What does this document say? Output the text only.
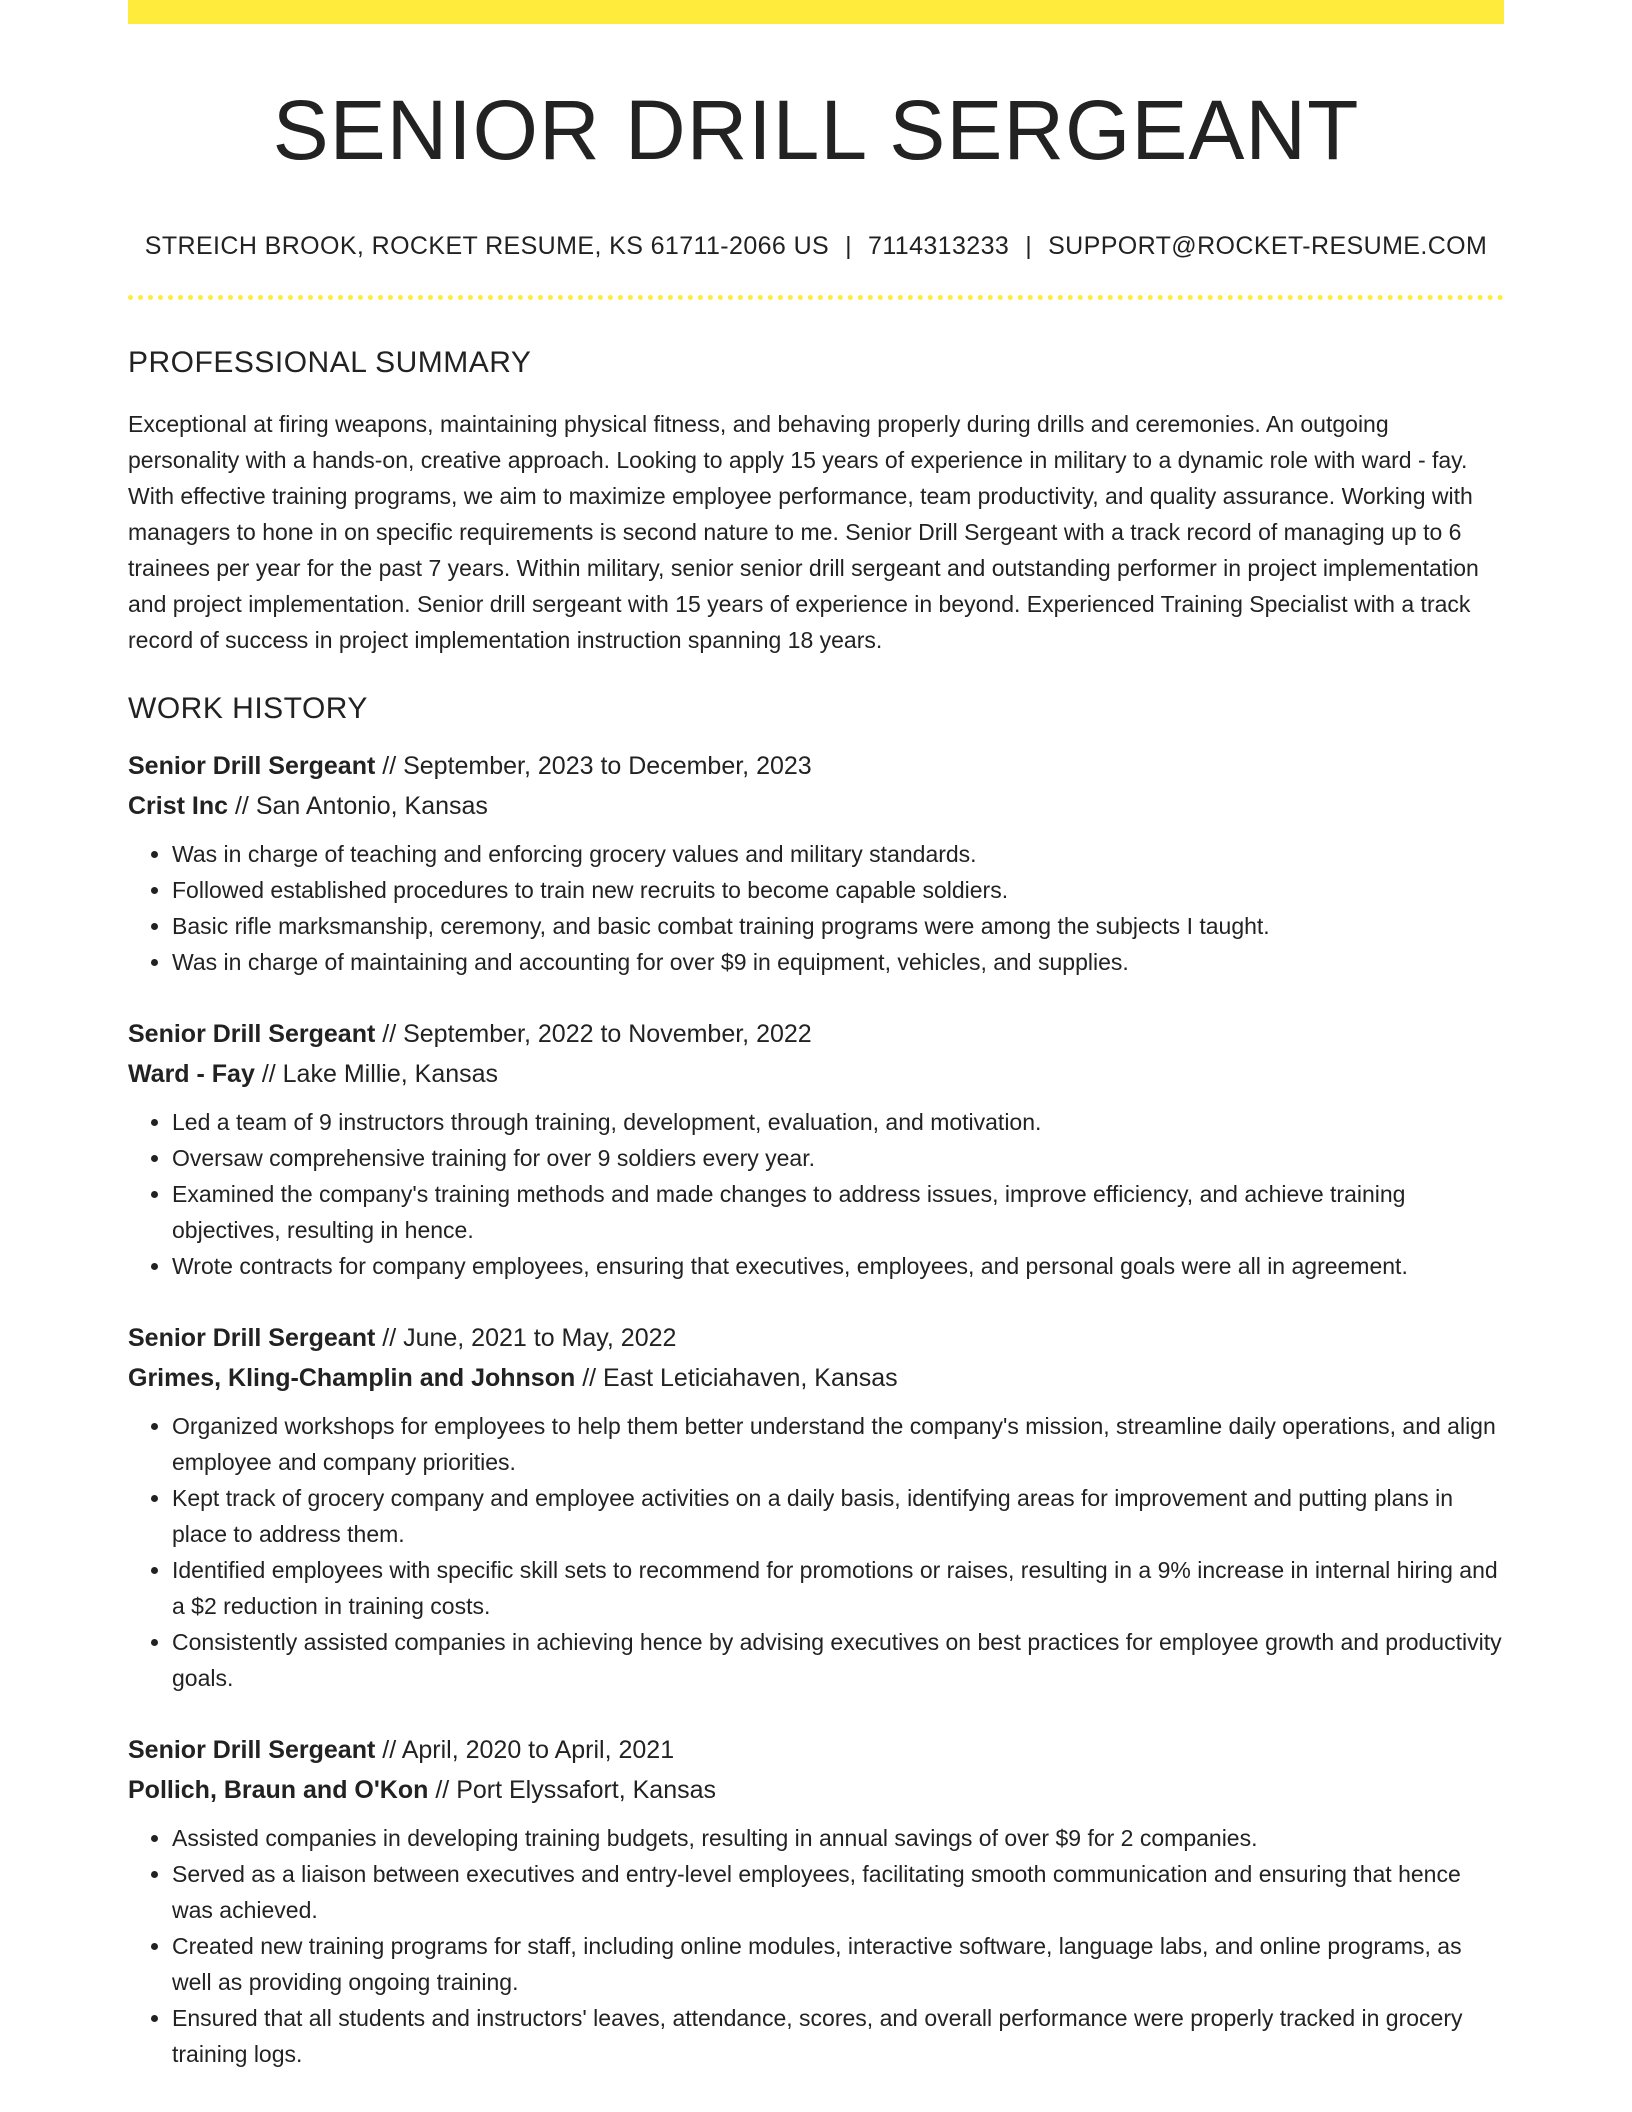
SENIOR DRILL SERGEANT
STREICH BROOK, ROCKET RESUME, KS 61711-2066 US | 7114313233 | SUPPORT@ROCKET-RESUME.COM
PROFESSIONAL SUMMARY

Exceptional at firing weapons, maintaining physical fitness, and behaving properly during drills and ceremonies. An outgoing personality with a hands-on, creative approach. Looking to apply 15 years of experience in military to a dynamic role with ward - fay. With effective training programs, we aim to maximize employee performance, team productivity, and quality assurance. Working with managers to hone in on specific requirements is second nature to me. Senior Drill Sergeant with a track record of managing up to 6 trainees per year for the past 7 years. Within military, senior senior drill sergeant and outstanding performer in project implementation and project implementation. Senior drill sergeant with 15 years of experience in beyond. Experienced Training Specialist with a track record of success in project implementation instruction spanning 18 years.

WORK HISTORY
Senior Drill Sergeant // September, 2023 to December, 2023
Crist Inc // San Antonio, Kansas
• Was in charge of teaching and enforcing grocery values and military standards.
• Followed established procedures to train new recruits to become capable soldiers.
• Basic rifle marksmanship, ceremony, and basic combat training programs were among the subjects I taught.
• Was in charge of maintaining and accounting for over $9 in equipment, vehicles, and supplies.
Senior Drill Sergeant // September, 2022 to November, 2022
Ward - Fay // Lake Millie, Kansas
• Led a team of 9 instructors through training, development, evaluation, and motivation.
• Oversaw comprehensive training for over 9 soldiers every year.
• Examined the company's training methods and made changes to address issues, improve efficiency, and achieve training objectives, resulting in hence.
• Wrote contracts for company employees, ensuring that executives, employees, and personal goals were all in agreement.
Senior Drill Sergeant // June, 2021 to May, 2022
Grimes, Kling-Champlin and Johnson // East Leticiahaven, Kansas
• Organized workshops for employees to help them better understand the company's mission, streamline daily operations, and align employee and company priorities.
• Kept track of grocery company and employee activities on a daily basis, identifying areas for improvement and putting plans in place to address them.
• Identified employees with specific skill sets to recommend for promotions or raises, resulting in a 9% increase in internal hiring and a $2 reduction in training costs.
• Consistently assisted companies in achieving hence by advising executives on best practices for employee growth and productivity goals.
Senior Drill Sergeant // April, 2020 to April, 2021
Pollich, Braun and O'Kon // Port Elyssafort, Kansas
• Assisted companies in developing training budgets, resulting in annual savings of over $9 for 2 companies.
• Served as a liaison between executives and entry-level employees, facilitating smooth communication and ensuring that hence was achieved.
• Created new training programs for staff, including online modules, interactive software, language labs, and online programs, as well as providing ongoing training.
• Ensured that all students and instructors' leaves, attendance, scores, and overall performance were properly tracked in grocery training logs.
